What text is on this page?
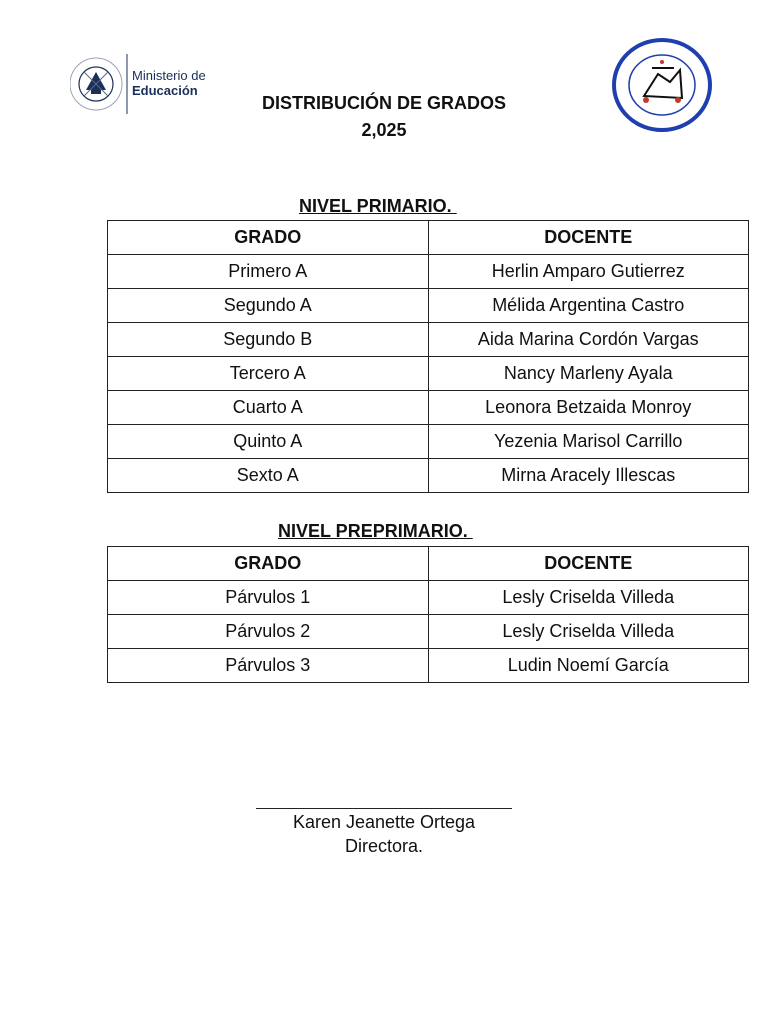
Ministerio de
Educación
DISTRIBUCIÓN DE GRADOS
2,025
NIVEL PRIMARIO.
GRADO	DOCENTE
Primero A	Herlin Amparo Gutierrez
Segundo A	Mélida Argentina Castro
Segundo B	Aida Marina Cordón Vargas
Tercero A	Nancy Marleny Ayala
Cuarto A	Leonora Betzaida Monroy
Quinto A	Yezenia Marisol Carrillo
Sexto A	Mirna Aracely Illescas
NIVEL PREPRIMARIO.
GRADO	DOCENTE
Párvulos 1	Lesly Criselda Villeda
Párvulos 2	Lesly Criselda Villeda
Párvulos 3	Ludin Noemí García
Karen Jeanette Ortega
Directora.
